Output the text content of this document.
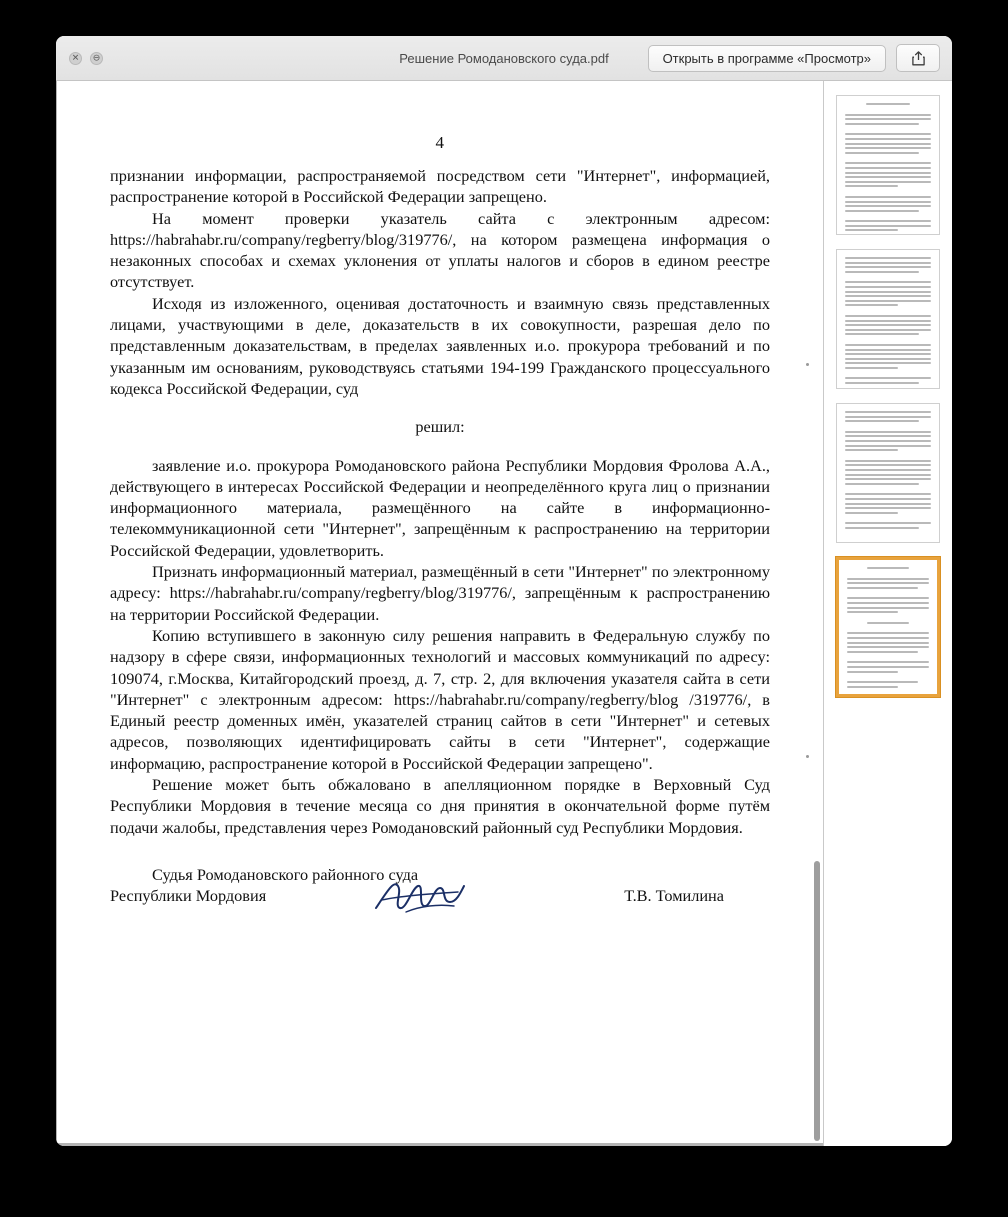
✕ ⊖	Решение Ромодановского суда.pdf	Открыть в программе «Просмотр»
4

признании информации, распространяемой посредством сети "Интернет", информацией, распространение которой в Российской Федерации запрещено.

На момент проверки указатель сайта с электронным адресом: https://habrahabr.ru/company/regberry/blog/319776/, на котором размещена информация о незаконных способах и схемах уклонения от уплаты налогов и сборов в едином реестре отсутствует.

Исходя из изложенного, оценивая достаточность и взаимную связь представленных лицами, участвующими в деле, доказательств в их совокупности, разрешая дело по представленным доказательствам, в пределах заявленных и.о. прокурора требований и по указанным им основаниям, руководствуясь статьями 194-199 Гражданского процессуального кодекса Российской Федерации, суд

решил:

заявление и.о. прокурора Ромодановского района Республики Мордовия Фролова А.А., действующего в интересах Российской Федерации и неопределённого круга лиц о признании информационного материала, размещённого на сайте в информационно-телекоммуникационной сети "Интернет", запрещённым к распространению на территории Российской Федерации, удовлетворить.

Признать информационный материал, размещённый в сети "Интернет" по электронному адресу: https://habrahabr.ru/company/regberry/blog/319776/, запрещённым к распространению на территории Российской Федерации.

Копию вступившего в законную силу решения направить в Федеральную службу по надзору в сфере связи, информационных технологий и массовых коммуникаций по адресу: 109074, г.Москва, Китайгородский проезд, д. 7, стр. 2, для включения указателя сайта в сети "Интернет" с электронным адресом: https://habrahabr.ru/company/regberry/blog /319776/, в Единый реестр доменных имён, указателей страниц сайтов в сети "Интернет" и сетевых адресов, позволяющих идентифицировать сайты в сети "Интернет", содержащие информацию, распространение которой в Российской Федерации запрещено".

Решение может быть обжаловано в апелляционном порядке в Верховный Суд Республики Мордовия в течение месяца со дня принятия в окончательной форме путём подачи жалобы, представления через Ромодановский районный суд Республики Мордовия.

Судья Ромодановского районного суда
Республики Мордовия	Т.В. Томилина
